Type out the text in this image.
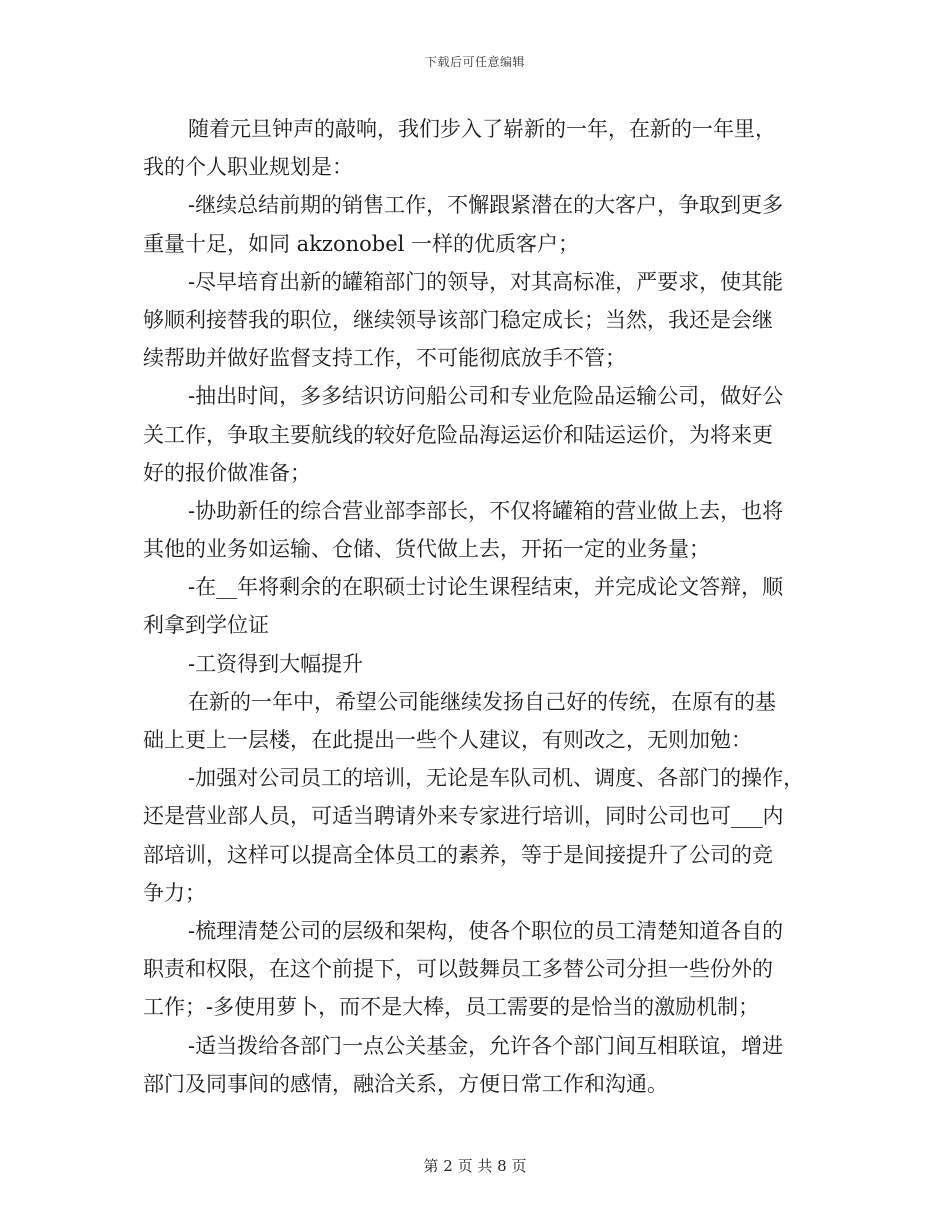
下载后可任意编辑
随着元旦钟声的敲响，我们步入了崭新的一年，在新的一年里，
我的个人职业规划是：
-继续总结前期的销售工作，不懈跟紧潜在的大客户，争取到更多
重量十足，如同 akzonobel 一样的优质客户；
-尽早培育出新的罐箱部门的领导，对其高标准，严要求，使其能
够顺利接替我的职位，继续领导该部门稳定成长；当然，我还是会继
续帮助并做好监督支持工作，不可能彻底放手不管；
-抽出时间，多多结识访问船公司和专业危险品运输公司，做好公
关工作，争取主要航线的较好危险品海运运价和陆运运价，为将来更
好的报价做准备；
-协助新任的综合营业部李部长，不仅将罐箱的营业做上去，也将
其他的业务如运输、仓储、货代做上去，开拓一定的业务量；
-在__年将剩余的在职硕士讨论生课程结束，并完成论文答辩，顺
利拿到学位证
-工资得到大幅提升
在新的一年中，希望公司能继续发扬自己好的传统，在原有的基
础上更上一层楼，在此提出一些个人建议，有则改之，无则加勉：
-加强对公司员工的培训，无论是车队司机、调度、各部门的操作，
还是营业部人员，可适当聘请外来专家进行培训，同时公司也可___内
部培训，这样可以提高全体员工的素养，等于是间接提升了公司的竞
争力；
-梳理清楚公司的层级和架构，使各个职位的员工清楚知道各自的
职责和权限，在这个前提下，可以鼓舞员工多替公司分担一些份外的
工作；-多使用萝卜，而不是大棒，员工需要的是恰当的激励机制；
-适当拨给各部门一点公关基金，允许各个部门间互相联谊，增进
部门及同事间的感情，融洽关系，方便日常工作和沟通。
第 2 页 共 8 页
